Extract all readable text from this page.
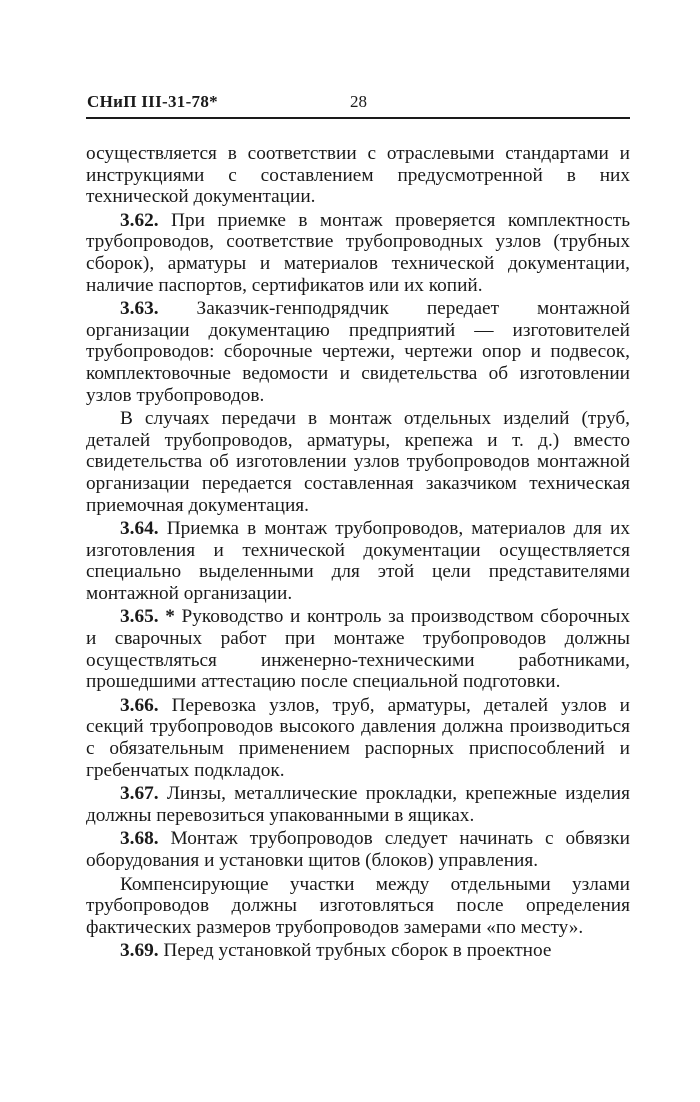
СНиП III-31-78*	28

осуществляется в соответствии с отраслевыми стандартами и инструкциями с составлением предусмотренной в них технической документации.

3.62. При приемке в монтаж проверяется комплектность трубопроводов, соответствие трубопроводных узлов (трубных сборок), арматуры и материалов технической документации, наличие паспортов, сертификатов или их копий.

3.63. Заказчик-генподрядчик передает монтажной организации документацию предприятий — изготовителей трубопроводов: сборочные чертежи, чертежи опор и подвесок, комплектовочные ведомости и свидетельства об изготовлении узлов трубопроводов.

В случаях передачи в монтаж отдельных изделий (труб, деталей трубопроводов, арматуры, крепежа и т. д.) вместо свидетельства об изготовлении узлов трубопроводов монтажной организации передается составленная заказчиком техническая приемочная документация.

3.64. Приемка в монтаж трубопроводов, материалов для их изготовления и технической документации осуществляется специально выделенными для этой цели представителями монтажной организации.

3.65. * Руководство и контроль за производством сборочных и сварочных работ при монтаже трубопроводов должны осуществляться инженерно-техническими работниками, прошедшими аттестацию после специальной подготовки.

3.66. Перевозка узлов, труб, арматуры, деталей узлов и секций трубопроводов высокого давления должна производиться с обязательным применением распорных приспособлений и гребенчатых подкладок.

3.67. Линзы, металлические прокладки, крепежные изделия должны перевозиться упакованными в ящиках.

3.68. Монтаж трубопроводов следует начинать с обвязки оборудования и установки щитов (блоков) управления.

Компенсирующие участки между отдельными узлами трубопроводов должны изготовляться после определения фактических размеров трубопроводов замерами «по месту».

3.69. Перед установкой трубных сборок в проектное
